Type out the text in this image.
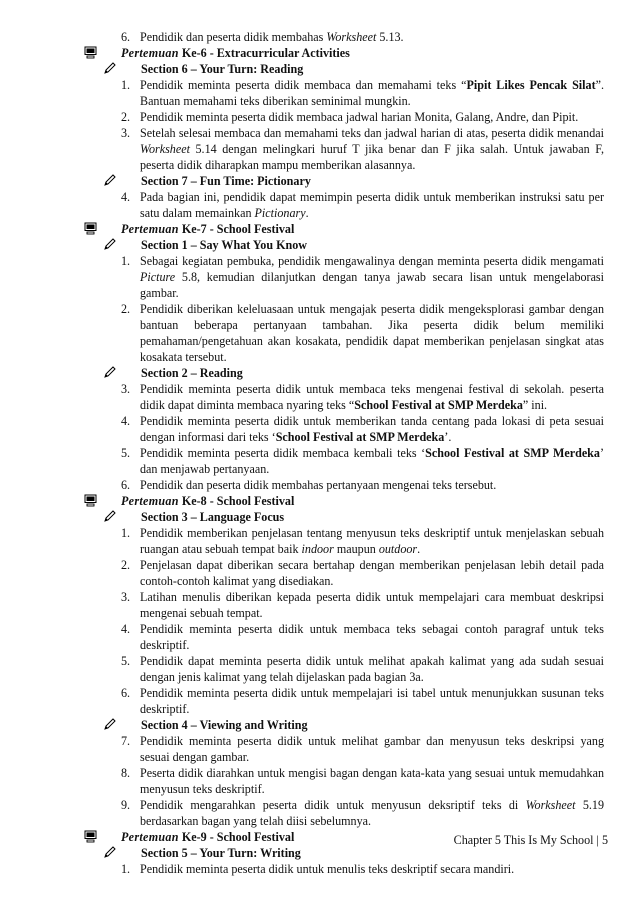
6. Pendidik dan peserta didik membahas Worksheet 5.13.
Pertemuan Ke-6 - Extracurricular Activities
Section 6 – Your Turn: Reading
1. Pendidik meminta peserta didik membaca dan memahami teks “Pipit Likes Pencak Silat”. Bantuan memahami teks diberikan seminimal mungkin.
2. Pendidik meminta peserta didik membaca jadwal harian Monita, Galang, Andre, dan Pipit.
3. Setelah selesai membaca dan memahami teks dan jadwal harian di atas, peserta didik menandai Worksheet 5.14 dengan melingkari huruf T jika benar dan F jika salah. Untuk jawaban F, peserta didik diharapkan mampu memberikan alasannya.
Section 7 – Fun Time: Pictionary
4. Pada bagian ini, pendidik dapat memimpin peserta didik untuk memberikan instruksi satu per satu dalam memainkan Pictionary.
Pertemuan Ke-7 - School Festival
Section 1 – Say What You Know
1. Sebagai kegiatan pembuka, pendidik mengawalinya dengan meminta peserta didik mengamati Picture 5.8, kemudian dilanjutkan dengan tanya jawab secara lisan untuk mengelaborasi gambar.
2. Pendidik diberikan keleluasaan untuk mengajak peserta didik mengeksplorasi gambar dengan bantuan beberapa pertanyaan tambahan. Jika peserta didik belum memiliki pemahaman/pengetahuan akan kosakata, pendidik dapat memberikan penjelasan singkat atas kosakata tersebut.
Section 2 – Reading
3. Pendidik meminta peserta didik untuk membaca teks mengenai festival di sekolah. peserta didik dapat diminta membaca nyaring teks “School Festival at SMP Merdeka” ini.
4. Pendidik meminta peserta didik untuk memberikan tanda centang pada lokasi di peta sesuai dengan informasi dari teks ‘School Festival at SMP Merdeka’.
5. Pendidik meminta peserta didik membaca kembali teks ‘School Festival at SMP Merdeka’ dan menjawab pertanyaan.
6. Pendidik dan peserta didik membahas pertanyaan mengenai teks tersebut.
Pertemuan Ke-8 - School Festival
Section 3 – Language Focus
1. Pendidik memberikan penjelasan tentang menyusun teks deskriptif untuk menjelaskan sebuah ruangan atau sebuah tempat baik indoor maupun outdoor.
2. Penjelasan dapat diberikan secara bertahap dengan memberikan penjelasan lebih detail pada contoh-contoh kalimat yang disediakan.
3. Latihan menulis diberikan kepada peserta didik untuk mempelajari cara membuat deskripsi mengenai sebuah tempat.
4. Pendidik meminta peserta didik untuk membaca teks sebagai contoh paragraf untuk teks deskriptif.
5. Pendidik dapat meminta peserta didik untuk melihat apakah kalimat yang ada sudah sesuai dengan jenis kalimat yang telah dijelaskan pada bagian 3a.
6. Pendidik meminta peserta didik untuk mempelajari isi tabel untuk menunjukkan susunan teks deskriptif.
Section 4 – Viewing and Writing
7. Pendidik meminta peserta didik untuk melihat gambar dan menyusun teks deskripsi yang sesuai dengan gambar.
8. Peserta didik diarahkan untuk mengisi bagan dengan kata-kata yang sesuai untuk memudahkan menyusun teks deskriptif.
9. Pendidik mengarahkan peserta didik untuk menyusun deksriptif teks di Worksheet 5.19 berdasarkan bagan yang telah diisi sebelumnya.
Pertemuan Ke-9 - School Festival
Section 5 – Your Turn: Writing
1. Pendidik meminta peserta didik untuk menulis teks deskriptif secara mandiri.
Chapter 5 This Is My School | 5
